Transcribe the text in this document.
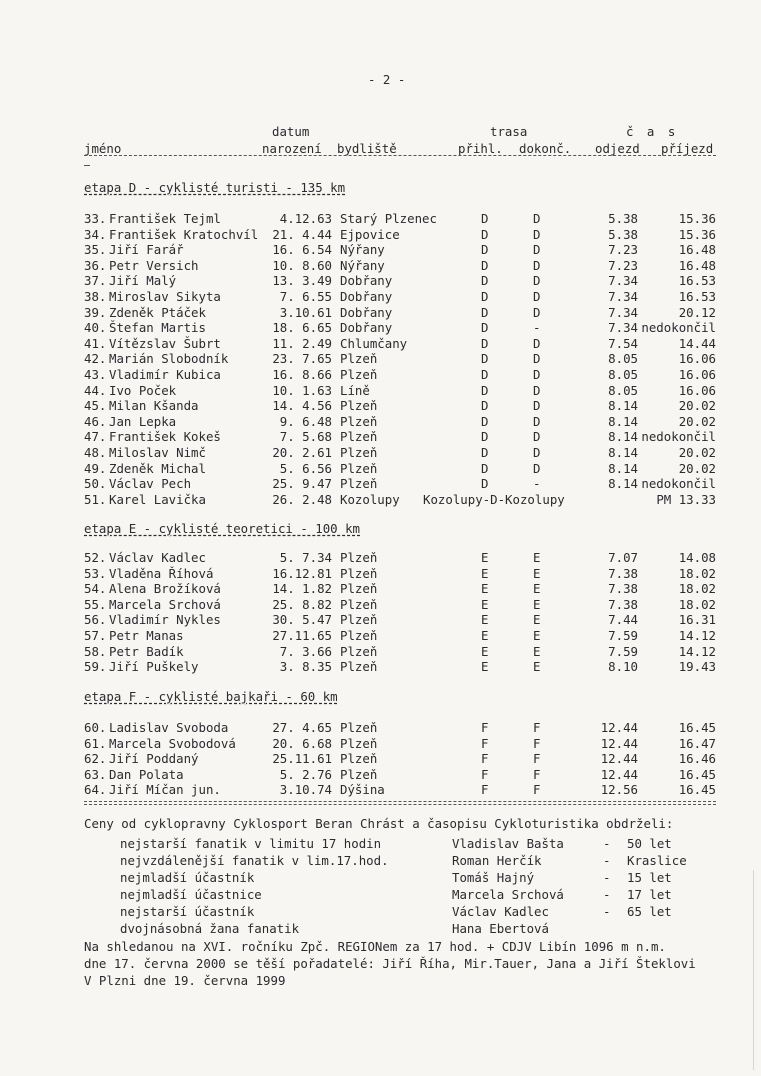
- 2 -
datum	trasa	č a s
jméno	narození bydliště	přihl. dokonč. odjezd příjezd
etapa D - cyklisté turisti - 135 km
33. František Tejml	4.12.63 Starý Plzenec	D	D	5.38	15.36
34. František Kratochvíl 21. 4.44 Ejpovice	D	D	5.38	15.36
35. Jiří Farář	16. 6.54 Nýřany	D	D	7.23	16.48
36. Petr Versich	10. 8.60 Nýřany	D	D	7.23	16.48
37. Jiří Malý	13. 3.49 Dobřany	D	D	7.34	16.53
38. Miroslav Sikyta	7. 6.55 Dobřany	D	D	7.34	16.53
39. Zdeněk Ptáček	3.10.61 Dobřany	D	D	7.34	20.12
40. Štefan Martis	18. 6.65 Dobřany	D	-	7.34 nedokončil
41. Vítězslav Šubrt	11. 2.49 Chlumčany	D	D	7.54	14.44
42. Marián Slobodník	23. 7.65 Plzeň	D	D	8.05	16.06
43. Vladimír Kubica	16. 8.66 Plzeň	D	D	8.05	16.06
44. Ivo Poček	10. 1.63 Líně	D	D	8.05	16.06
45. Milan Kšanda	14. 4.56 Plzeň	D	D	8.14	20.02
46. Jan Lepka	9. 6.48 Plzeň	D	D	8.14	20.02
47. František Kokeš	7. 5.68 Plzeň	D	D	8.14 nedokončil
48. Miloslav Nimč	20. 2.61 Plzeň	D	D	8.14	20.02
49. Zdeněk Michal	5. 6.56 Plzeň	D	D	8.14	20.02
50. Václav Pech	25. 9.47 Plzeň	D	-	8.14 nedokončil
51. Karel Lavička	26. 2.48 Kozolupy Kozolupy-D-Kozolupy	PM 13.33
etapa E - cyklisté teoretici - 100 km
52. Václav Kadlec	5. 7.34 Plzeň	E	E	7.07	14.08
53. Vladěna Říhová	16.12.81 Plzeň	E	E	7.38	18.02
54. Alena Brožíková	14. 1.82 Plzeň	E	E	7.38	18.02
55. Marcela Srchová	25. 8.82 Plzeň	E	E	7.38	18.02
56. Vladimír Nykles	30. 5.47 Plzeň	E	E	7.44	16.31
57. Petr Manas	27.11.65 Plzeň	E	E	7.59	14.12
58. Petr Badík	7. 3.66 Plzeň	E	E	7.59	14.12
59. Jiří Puškely	3. 8.35 Plzeň	E	E	8.10	19.43
etapa F - cyklisté bajkaři - 60 km
60. Ladislav Svoboda	27. 4.65 Plzeň	F	F	12.44	16.45
61. Marcela Svobodová	20. 6.68 Plzeň	F	F	12.44	16.47
62. Jiří Poddaný	25.11.61 Plzeň	F	F	12.44	16.46
63. Dan Polata	5. 2.76 Plzeň	F	F	12.44	16.45
64. Jiří Míčan jun.	3.10.74 Dýšina	F	F	12.56	16.45
Ceny od cyklopravny Cyklosport Beran Chrást a časopisu Cykloturistika obdrželi:
nejstarší fanatik v limitu 17 hodin	Vladislav Bašta	- 50 let
nejvzdálenější fanatik v lim.17.hod.	Roman Herčík	- Kraslice
nejmladší účastník	Tomáš Hajný	- 15 let
nejmladší účastnice	Marcela Srchová	- 17 let
nejstarší účastník	Václav Kadlec	- 65 let
dvojnásobná žana fanatik	Hana Ebertová
Na shledanou na XVI. ročníku Zpč. REGIONem za 17 hod. + CDJV Libín 1096 m n.m.
dne 17. června 2000 se těší pořadatelé: Jiří Říha, Mir.Tauer, Jana a Jiří Šteklovi
V Plzni dne 19. června 1999
